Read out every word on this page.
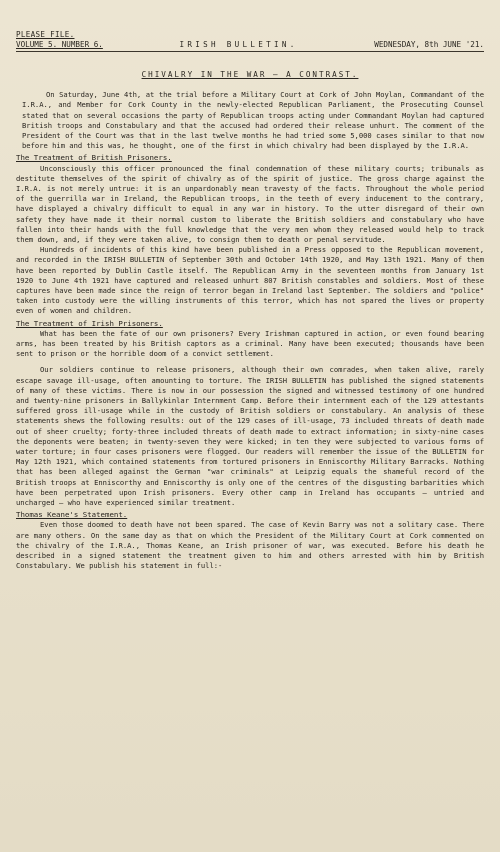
PLEASE FILE.
VOLUME 5. NUMBER 6.	IRISH BULLETIN.	WEDNESDAY, 8th JUNE '21.
CHIVALRY IN THE WAR — A CONTRAST.

On Saturday, June 4th, at the trial before a Military Court at Cork of John Moylan, Commandant of the I.R.A., and Member for Cork County in the newly-elected Republican Parliament, the Prosecuting Counsel stated that on several occasions the party of Republican troops acting under Commandant Moylan had captured British troops and Constabulary and that the accused had ordered their release unhurt. The comment of the President of the Court was that in the last twelve months he had tried some 5,000 cases similar to that now before him and this was, he thought, one of the first in which chivalry had been displayed by the I.R.A.

The Treatment of British Prisoners.

Unconsciously this officer pronounced the final condemnation of these military courts; tribunals as destitute themselves of the spirit of chivalry as of the spirit of justice. The gross charge against the I.R.A. is not merely untrue: it is an unpardonably mean travesty of the facts. Throughout the whole period of the guerrilla war in Ireland, the Republican troops, in the teeth of every inducement to the contrary, have displayed a chivalry difficult to equal in any war in history. To the utter disregard of their own safety they have made it their normal custom to liberate the British soldiers and constabulary who have fallen into their hands with the full knowledge that the very men whom they released would help to track them down, and, if they were taken alive, to consign them to death or penal servitude.

Hundreds of incidents of this kind have been published in a Press opposed to the Republican movement, and recorded in the IRISH BULLETIN of September 30th and October 14th 1920, and May 13th 1921. Many of them have been reported by Dublin Castle itself. The Republican Army in the seventeen months from January 1st 1920 to June 4th 1921 have captured and released unhurt 807 British constables and soldiers. Most of these captures have been made since the reign of terror began in Ireland last September. The soldiers and "police" taken into custody were the willing instruments of this terror, which has not spared the lives or property even of women and children.

The Treatment of Irish Prisoners.

What has been the fate of our own prisoners? Every Irishman captured in action, or even found bearing arms, has been treated by his British captors as a criminal. Many have been executed; thousands have been sent to prison or the horrible doom of a convict settlement.

Our soldiers continue to release prisoners, although their own comrades, when taken alive, rarely escape savage ill-usage, often amounting to torture. The IRISH BULLETIN has published the signed statements of many of these victims. There is now in our possession the signed and witnessed testimony of one hundred and twenty-nine prisoners in Ballykinlar Internment Camp. Before their internment each of the 129 attestants suffered gross ill-usage while in the custody of British soldiers or constabulary. An analysis of these statements shews the following results: out of the 129 cases of ill-usage, 73 included threats of death made out of sheer cruelty; forty-three included threats of death made to extract information; in sixty-nine cases the deponents were beaten; in twenty-seven they were kicked; in ten they were subjected to various forms of water torture; in four cases prisoners were flogged. Our readers will remember the issue of the BULLETIN for May 12th 1921, which contained statements from tortured prisoners in Enniscorthy Military Barracks. Nothing that has been alleged against the German "war criminals" at Leipzig equals the shameful record of the British troops at Enniscorthy and Enniscorthy is only one of the centres of the disgusting barbarities which have been perpetrated upon Irish prisoners. Every other camp in Ireland has occupants — untried and uncharged — who have experienced similar treatment.

Thomas Keane's Statement.

Even those doomed to death have not been spared. The case of Kevin Barry was not a solitary case. There are many others. On the same day as that on which the President of the Military Court at Cork commented on the chivalry of the I.R.A., Thomas Keane, an Irish prisoner of war, was executed. Before his death he described in a signed statement the treatment given to him and others arrested with him by British Constabulary. We publish his statement in full:-
